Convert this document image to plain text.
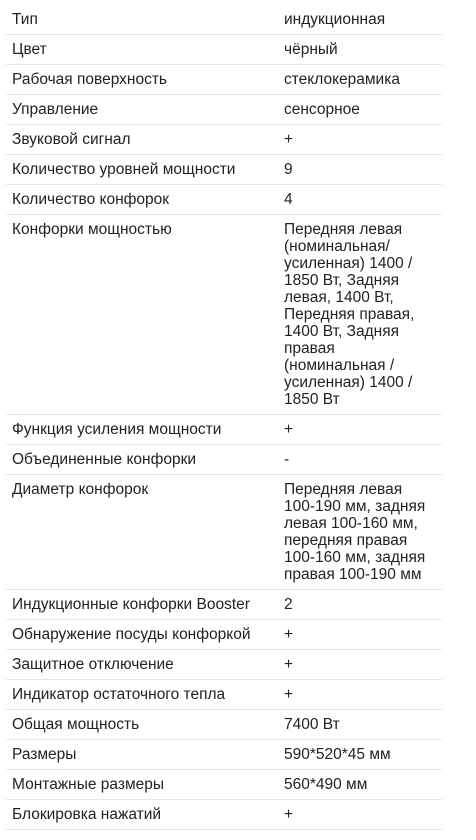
Тип	индукционная
Цвет	чёрный
Рабочая поверхность	стеклокерамика
Управление	сенсорное
Звуковой сигнал	+
Количество уровней мощности	9
Количество конфорок	4
Конфорки мощностью	Передняя левая (номинальная/ усиленная) 1400 / 1850 Вт, Задняя левая, 1400 Вт, Передняя правая, 1400 Вт, Задняя правая (номинальная / усиленная) 1400 / 1850 Вт
Функция усиления мощности	+
Объединенные конфорки	-
Диаметр конфорок	Передняя левая 100-190 мм, задняя левая 100-160 мм, передняя правая 100-160 мм, задняя правая 100-190 мм
Индукционные конфорки Booster	2
Обнаружение посуды конфоркой	+
Защитное отключение	+
Индикатор остаточного тепла	+
Общая мощность	7400 Вт
Размеры	590*520*45 мм
Монтажные размеры	560*490 мм
Блокировка нажатий	+
